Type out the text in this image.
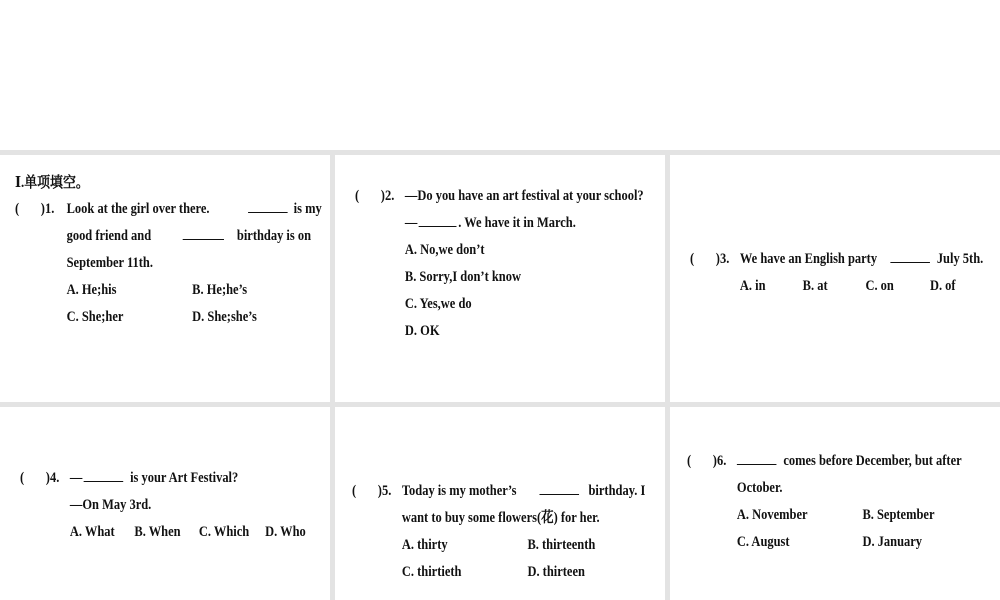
Ⅰ.单项填空。
( )1. Look at the girl over there.	is my
good friend and	birthday is on
September 11th.
A. He;his	B. He;he’s
C. She;her	D. She;she’s
( )2. —Do you have an art festival at your school?
—	. We have it in March.
A. No,we don’t
B. Sorry,I don’t know
C. Yes,we do
D. OK
( )3. We have an English party	July 5th.
A. in	B. at	C. on D. of
( )4. —	is your Art Festival?
—On May 3rd.
A. What B. When C. Which D. Who
( )5. Today is my mother’s	birthday. I
want to buy some flowers(花) for her.
A. thirty	B. thirteenth
C. thirtieth	D. thirteen
( )6.	comes before December, but after
October.
A. November	B. September
C. August	D. January
